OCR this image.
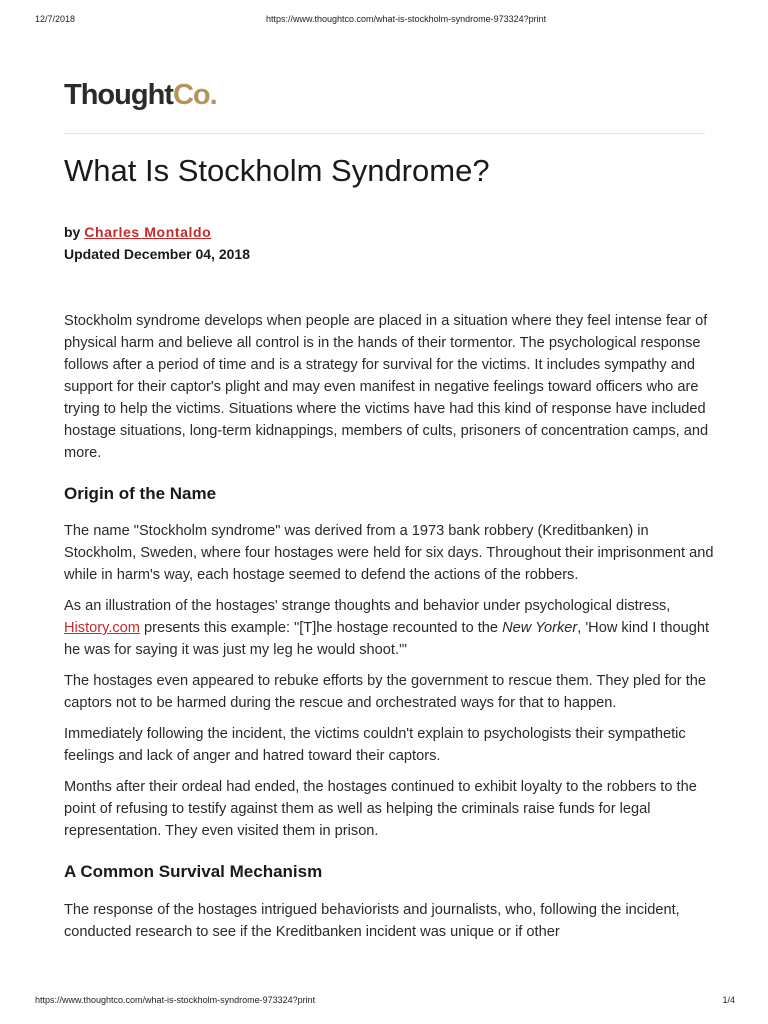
12/7/2018	https://www.thoughtco.com/what-is-stockholm-syndrome-973324?print
ThoughtCo.
What Is Stockholm Syndrome?
by Charles Montaldo
Updated December 04, 2018

Stockholm syndrome develops when people are placed in a situation where they feel intense fear of physical harm and believe all control is in the hands of their tormentor. The psychological response follows after a period of time and is a strategy for survival for the victims. It includes sympathy and support for their captor's plight and may even manifest in negative feelings toward officers who are trying to help the victims. Situations where the victims have had this kind of response have included hostage situations, long-term kidnappings, members of cults, prisoners of concentration camps, and more.

Origin of the Name

The name "Stockholm syndrome" was derived from a 1973 bank robbery (Kreditbanken) in Stockholm, Sweden, where four hostages were held for six days. Throughout their imprisonment and while in harm's way, each hostage seemed to defend the actions of the robbers.

As an illustration of the hostages' strange thoughts and behavior under psychological distress, History.com presents this example: "[T]he hostage recounted to the New Yorker, 'How kind I thought he was for saying it was just my leg he would shoot.'"

The hostages even appeared to rebuke efforts by the government to rescue them. They pled for the captors not to be harmed during the rescue and orchestrated ways for that to happen.

Immediately following the incident, the victims couldn't explain to psychologists their sympathetic feelings and lack of anger and hatred toward their captors.

Months after their ordeal had ended, the hostages continued to exhibit loyalty to the robbers to the point of refusing to testify against them as well as helping the criminals raise funds for legal representation. They even visited them in prison.

A Common Survival Mechanism

The response of the hostages intrigued behaviorists and journalists, who, following the incident, conducted research to see if the Kreditbanken incident was unique or if other

https://www.thoughtco.com/what-is-stockholm-syndrome-973324?print	1/4
